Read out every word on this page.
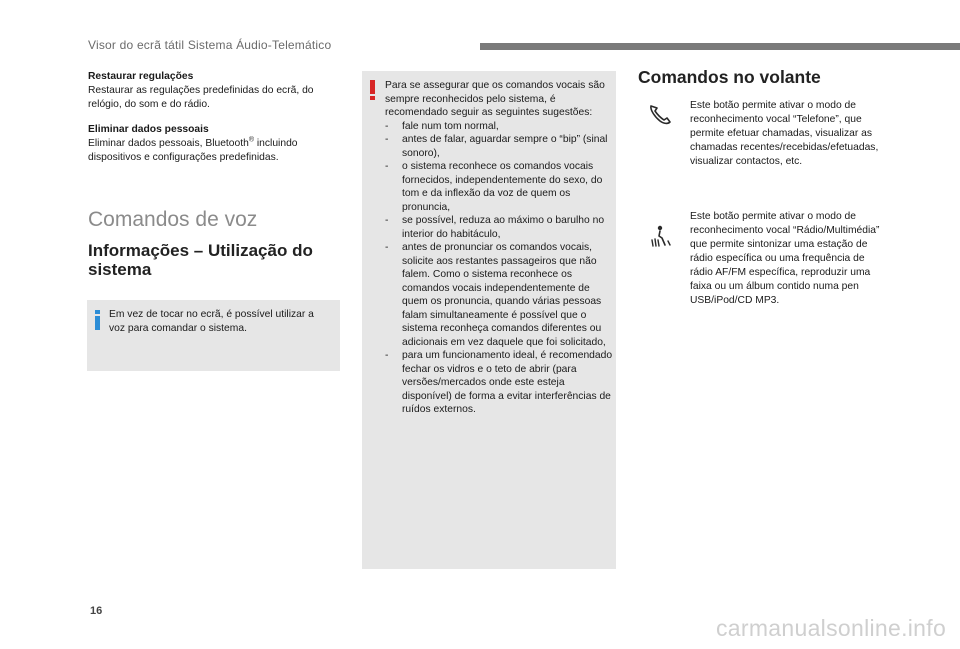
Visor do ecrã tátil Sistema Áudio-Telemático

Restaurar regulações
Restaurar as regulações predefinidas do ecrã, do relógio, do som e do rádio.

Eliminar dados pessoais
Eliminar dados pessoais, Bluetooth® incluindo dispositivos e configurações predefinidas.

Comandos de voz
Informações – Utilização do sistema
Em vez de tocar no ecrã, é possível utilizar a voz para comandar o sistema.
Para se assegurar que os comandos vocais são sempre reconhecidos pelo sistema, é recomendado seguir as seguintes sugestões:
- fale num tom normal,
- antes de falar, aguardar sempre o “bip” (sinal sonoro),
- o sistema reconhece os comandos vocais fornecidos, independentemente do sexo, do tom e da inflexão da voz de quem os pronuncia,
- se possível, reduza ao máximo o barulho no interior do habitáculo,
- antes de pronunciar os comandos vocais, solicite aos restantes passageiros que não falem. Como o sistema reconhece os comandos vocais independentemente de quem os pronuncia, quando várias pessoas falam simultaneamente é possível que o sistema reconheça comandos diferentes ou adicionais em vez daquele que foi solicitado,
- para um funcionamento ideal, é recomendado fechar os vidros e o teto de abrir (para versões/mercados onde este esteja disponível) de forma a evitar interferências de ruídos externos.
Comandos no volante
Este botão permite ativar o modo de reconhecimento vocal “Telefone”, que permite efetuar chamadas, visualizar as chamadas recentes/recebidas/efetuadas, visualizar contactos, etc.
Este botão permite ativar o modo de reconhecimento vocal “Rádio/Multimédia” que permite sintonizar uma estação de rádio específica ou uma frequência de rádio AF/FM específica, reproduzir uma faixa ou um álbum contido numa pen USB/iPod/CD MP3.
16
carmanualsonline.info
